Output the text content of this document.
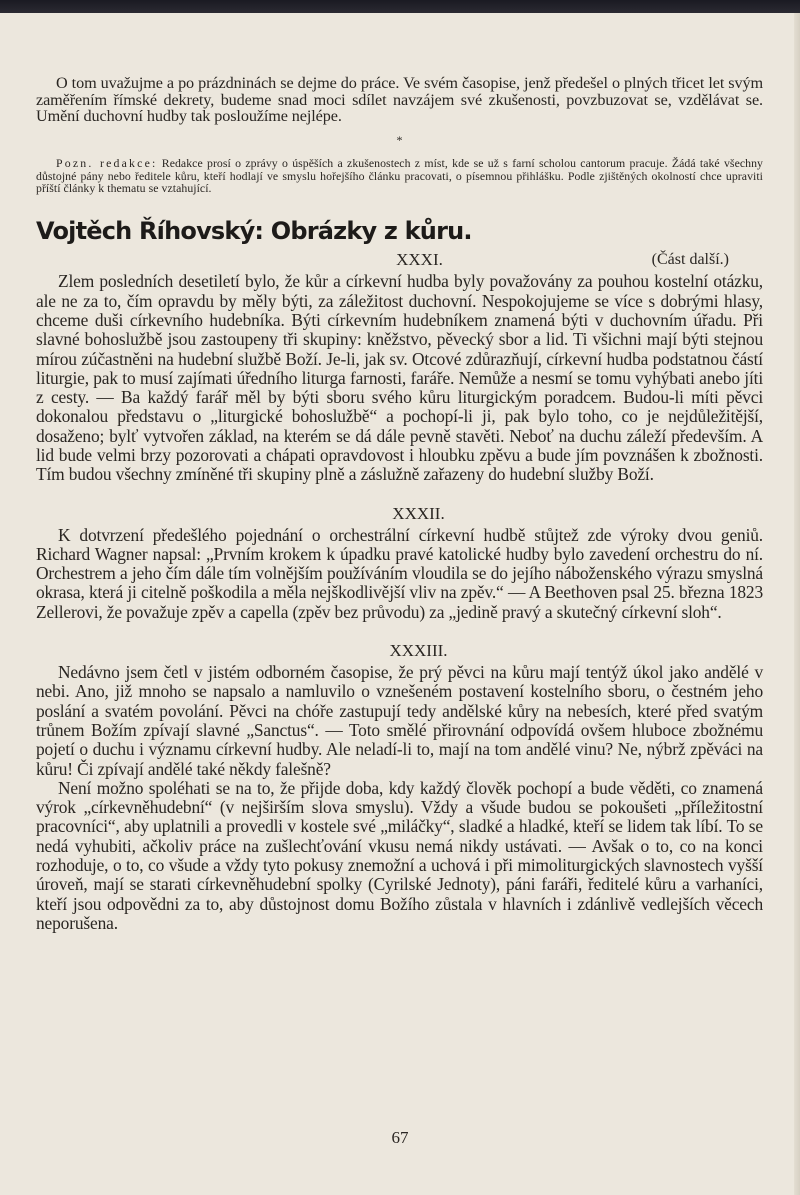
O tom uvažujme a po prázdninách se dejme do práce. Ve svém časopise, jenž předešel o plných třicet let svým zaměřením římské dekrety, budeme snad moci sdílet navzájem své zkušenosti, povzbuzovat se, vzdělávat se. Umění duchovní hudby tak posloužíme nejlépe.

*

Pozn. redakce: Redakce prosí o zprávy o úspěších a zkušenostech z míst, kde se už s farní scholou cantorum pracuje. Žádá také všechny důstojné pány nebo ředitele kůru, kteří hodlají ve smyslu hořejšího článku pracovati, o písemnou přihlášku. Podle zjištěných okolností chce upraviti příští články k thematu se vztahující.

Vojtěch Říhovský: Obrázky z kůru.
XXXI.	(Část další.)

Zlem posledních desetiletí bylo, že kůr a církevní hudba byly považovány za pouhou kostelní otázku, ale ne za to, čím opravdu by měly býti, za záležitost duchovní. Nespokojujeme se více s dobrými hlasy, chceme duši církevního hudebníka. Býti církevním hudebníkem znamená býti v duchovním úřadu. Při slavné bohoslužbě jsou zastoupeny tři skupiny: kněžstvo, pěvecký sbor a lid. Ti všichni mají býti stejnou mírou zúčastněni na hudební službě Boží. Je-li, jak sv. Otcové zdůrazňují, církevní hudba podstatnou částí liturgie, pak to musí zajímati úředního liturga farnosti, faráře. Nemůže a nesmí se tomu vyhýbati anebo jíti z cesty. — Ba každý farář měl by býti sboru svého kůru liturgickým poradcem. Budou-li míti pěvci dokonalou představu o „liturgické bohoslužbě“ a pochopí-li ji, pak bylo toho, co je nejdůležitější, dosaženo; bylť vytvořen základ, na kterém se dá dále pevně stavěti. Neboť na duchu záleží především. A lid bude velmi brzy pozorovati a chápati opravdovost i hloubku zpěvu a bude jím povznášen k zbožnosti. Tím budou všechny zmíněné tři skupiny plně a záslužně zařazeny do hudební služby Boží.

XXXII.

K dotvrzení předešlého pojednání o orchestrální církevní hudbě stůjtež zde výroky dvou geniů. Richard Wagner napsal: „Prvním krokem k úpadku pravé katolické hudby bylo zavedení orchestru do ní. Orchestrem a jeho čím dále tím volnějším používáním vloudila se do jejího náboženského výrazu smyslná okrasa, která ji citelně poškodila a měla nejškodlivější vliv na zpěv.“ — A Beethoven psal 25. března 1823 Zellerovi, že považuje zpěv a capella (zpěv bez průvodu) za „jedině pravý a skutečný církevní sloh“.

XXXIII.

Nedávno jsem četl v jistém odborném časopise, že prý pěvci na kůru mají tentýž úkol jako andělé v nebi. Ano, již mnoho se napsalo a namluvilo o vznešeném postavení kostelního sboru, o čestném jeho poslání a svatém povolání. Pěvci na chóře zastupují tedy andělské kůry na nebesích, které před svatým trůnem Božím zpívají slavné „Sanctus“. — Toto smělé přirovnání odpovídá ovšem hluboce zbožnému pojetí o duchu i významu církevní hudby. Ale neladí-li to, mají na tom andělé vinu? Ne, nýbrž zpěváci na kůru! Či zpívají andělé také někdy falešně?

Není možno spoléhati se na to, že přijde doba, kdy každý člověk pochopí a bude věděti, co znamená výrok „církevněhudební“ (v nejširším slova smyslu). Vždy a všude budou se pokoušeti „příležitostní pracovníci“, aby uplatnili a provedli v kostele své „miláčky“, sladké a hladké, kteří se lidem tak líbí. To se nedá vyhubiti, ačkoliv práce na zušlechťování vkusu nemá nikdy ustávati. — Avšak o to, co na konci rozhoduje, o to, co všude a vždy tyto pokusy znemožní a uchová i při mimoliturgických slavnostech vyšší úroveň, mají se starati církevněhudební spolky (Cyrilské Jednoty), páni faráři, ředitelé kůru a varhaníci, kteří jsou odpovědni za to, aby důstojnost domu Božího zůstala v hlavních i zdánlivě vedlejších věcech neporušena.

67
